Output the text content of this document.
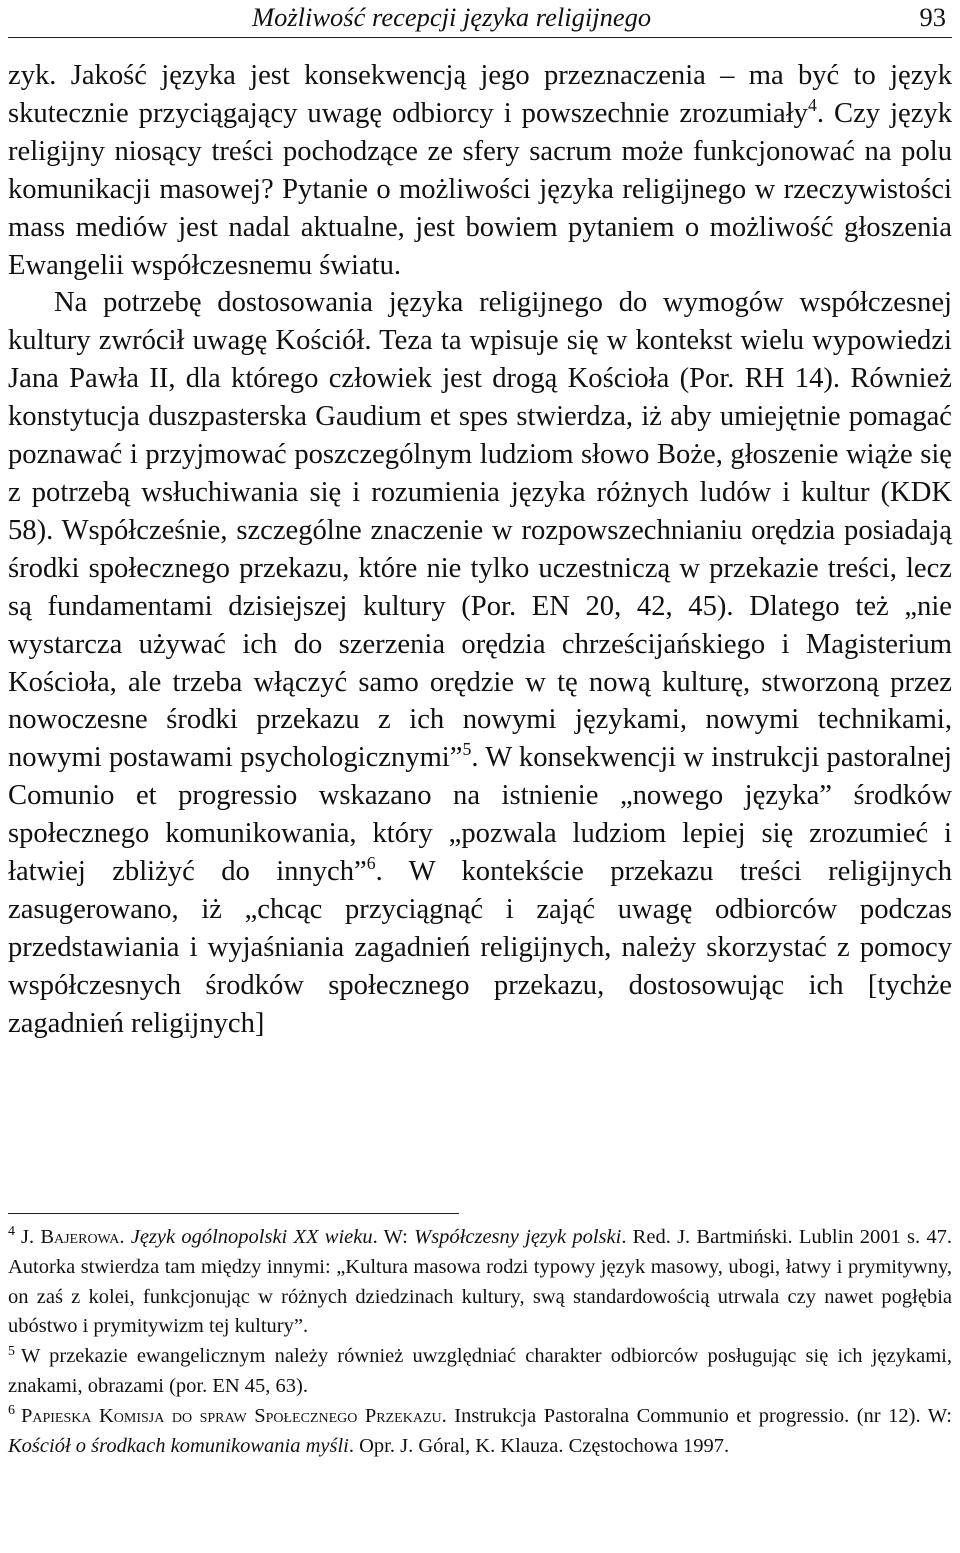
Możliwość recepcji języka religijnego	93

zyk. Jakość języka jest konsekwencją jego przeznaczenia – ma być to język skutecznie przyciągający uwagę odbiorcy i powszechnie zrozumiały$^4$. Czy język religijny niosący treści pochodzące ze sfery sacrum może funkcjonować na polu komunikacji masowej? Pytanie o możliwości języka religijnego w rzeczywistości mass mediów jest nadal aktualne, jest bowiem pytaniem o możliwość głoszenia Ewangelii współczesnemu światu.

Na potrzebę dostosowania języka religijnego do wymogów współczesnej kultury zwrócił uwagę Kościół. Teza ta wpisuje się w kontekst wielu wypowiedzi Jana Pawła II, dla którego człowiek jest drogą Kościoła (Por. RH 14). Również konstytucja duszpasterska Gaudium et spes stwierdza, iż aby umiejętnie pomagać poznawać i przyjmować poszczególnym ludziom słowo Boże, głoszenie wiąże się z potrzebą wsłuchiwania się i rozumienia języka różnych ludów i kultur (KDK 58). Współcześnie, szczególne znaczenie w rozpowszechnianiu orędzia posiadają środki społecznego przekazu, które nie tylko uczestniczą w przekazie treści, lecz są fundamentami dzisiejszej kultury (Por. EN 20, 42, 45). Dlatego też „nie wystarcza używać ich do szerzenia orędzia chrześcijańskiego i Magisterium Kościoła, ale trzeba włączyć samo orędzie w tę nową kulturę, stworzoną przez nowoczesne środki przekazu z ich nowymi językami, nowymi technikami, nowymi postawami psychologicznymi”$^5$. W konsekwencji w instrukcji pastoralnej Comunio et progressio wskazano na istnienie „nowego języka” środków społecznego komunikowania, który „pozwala ludziom lepiej się zrozumieć i łatwiej zbliżyć do innych”$^6$. W kontekście przekazu treści religijnych zasugerowano, iż „chcąc przyciągnąć i zająć uwagę odbiorców podczas przedstawiania i wyjaśniania zagadnień religijnych, należy skorzystać z pomocy współczesnych środków społecznego przekazu, dostosowując ich [tychże zagadnień religijnych]

$^4$ J. Bajerowa. Język ogólnopolski XX wieku. W: Współczesny język polski. Red. J. Bartmiński. Lublin 2001 s. 47. Autorka stwierdza tam między innymi: „Kultura masowa rodzi typowy język masowy, ubogi, łatwy i prymitywny, on zaś z kolei, funkcjonując w różnych dziedzinach kultury, swą standardowością utrwala czy nawet pogłębia ubóstwo i prymitywizm tej kultury”.

$^5$ W przekazie ewangelicznym należy również uwzględniać charakter odbiorców posługując się ich językami, znakami, obrazami (por. EN 45, 63).

$^6$ Papieska Komisja do spraw Społecznego Przekazu. Instrukcja Pastoralna Communio et progressio. (nr 12). W: Kościół o środkach komunikowania myśli. Opr. J. Góral, K. Klauza. Częstochowa 1997.
